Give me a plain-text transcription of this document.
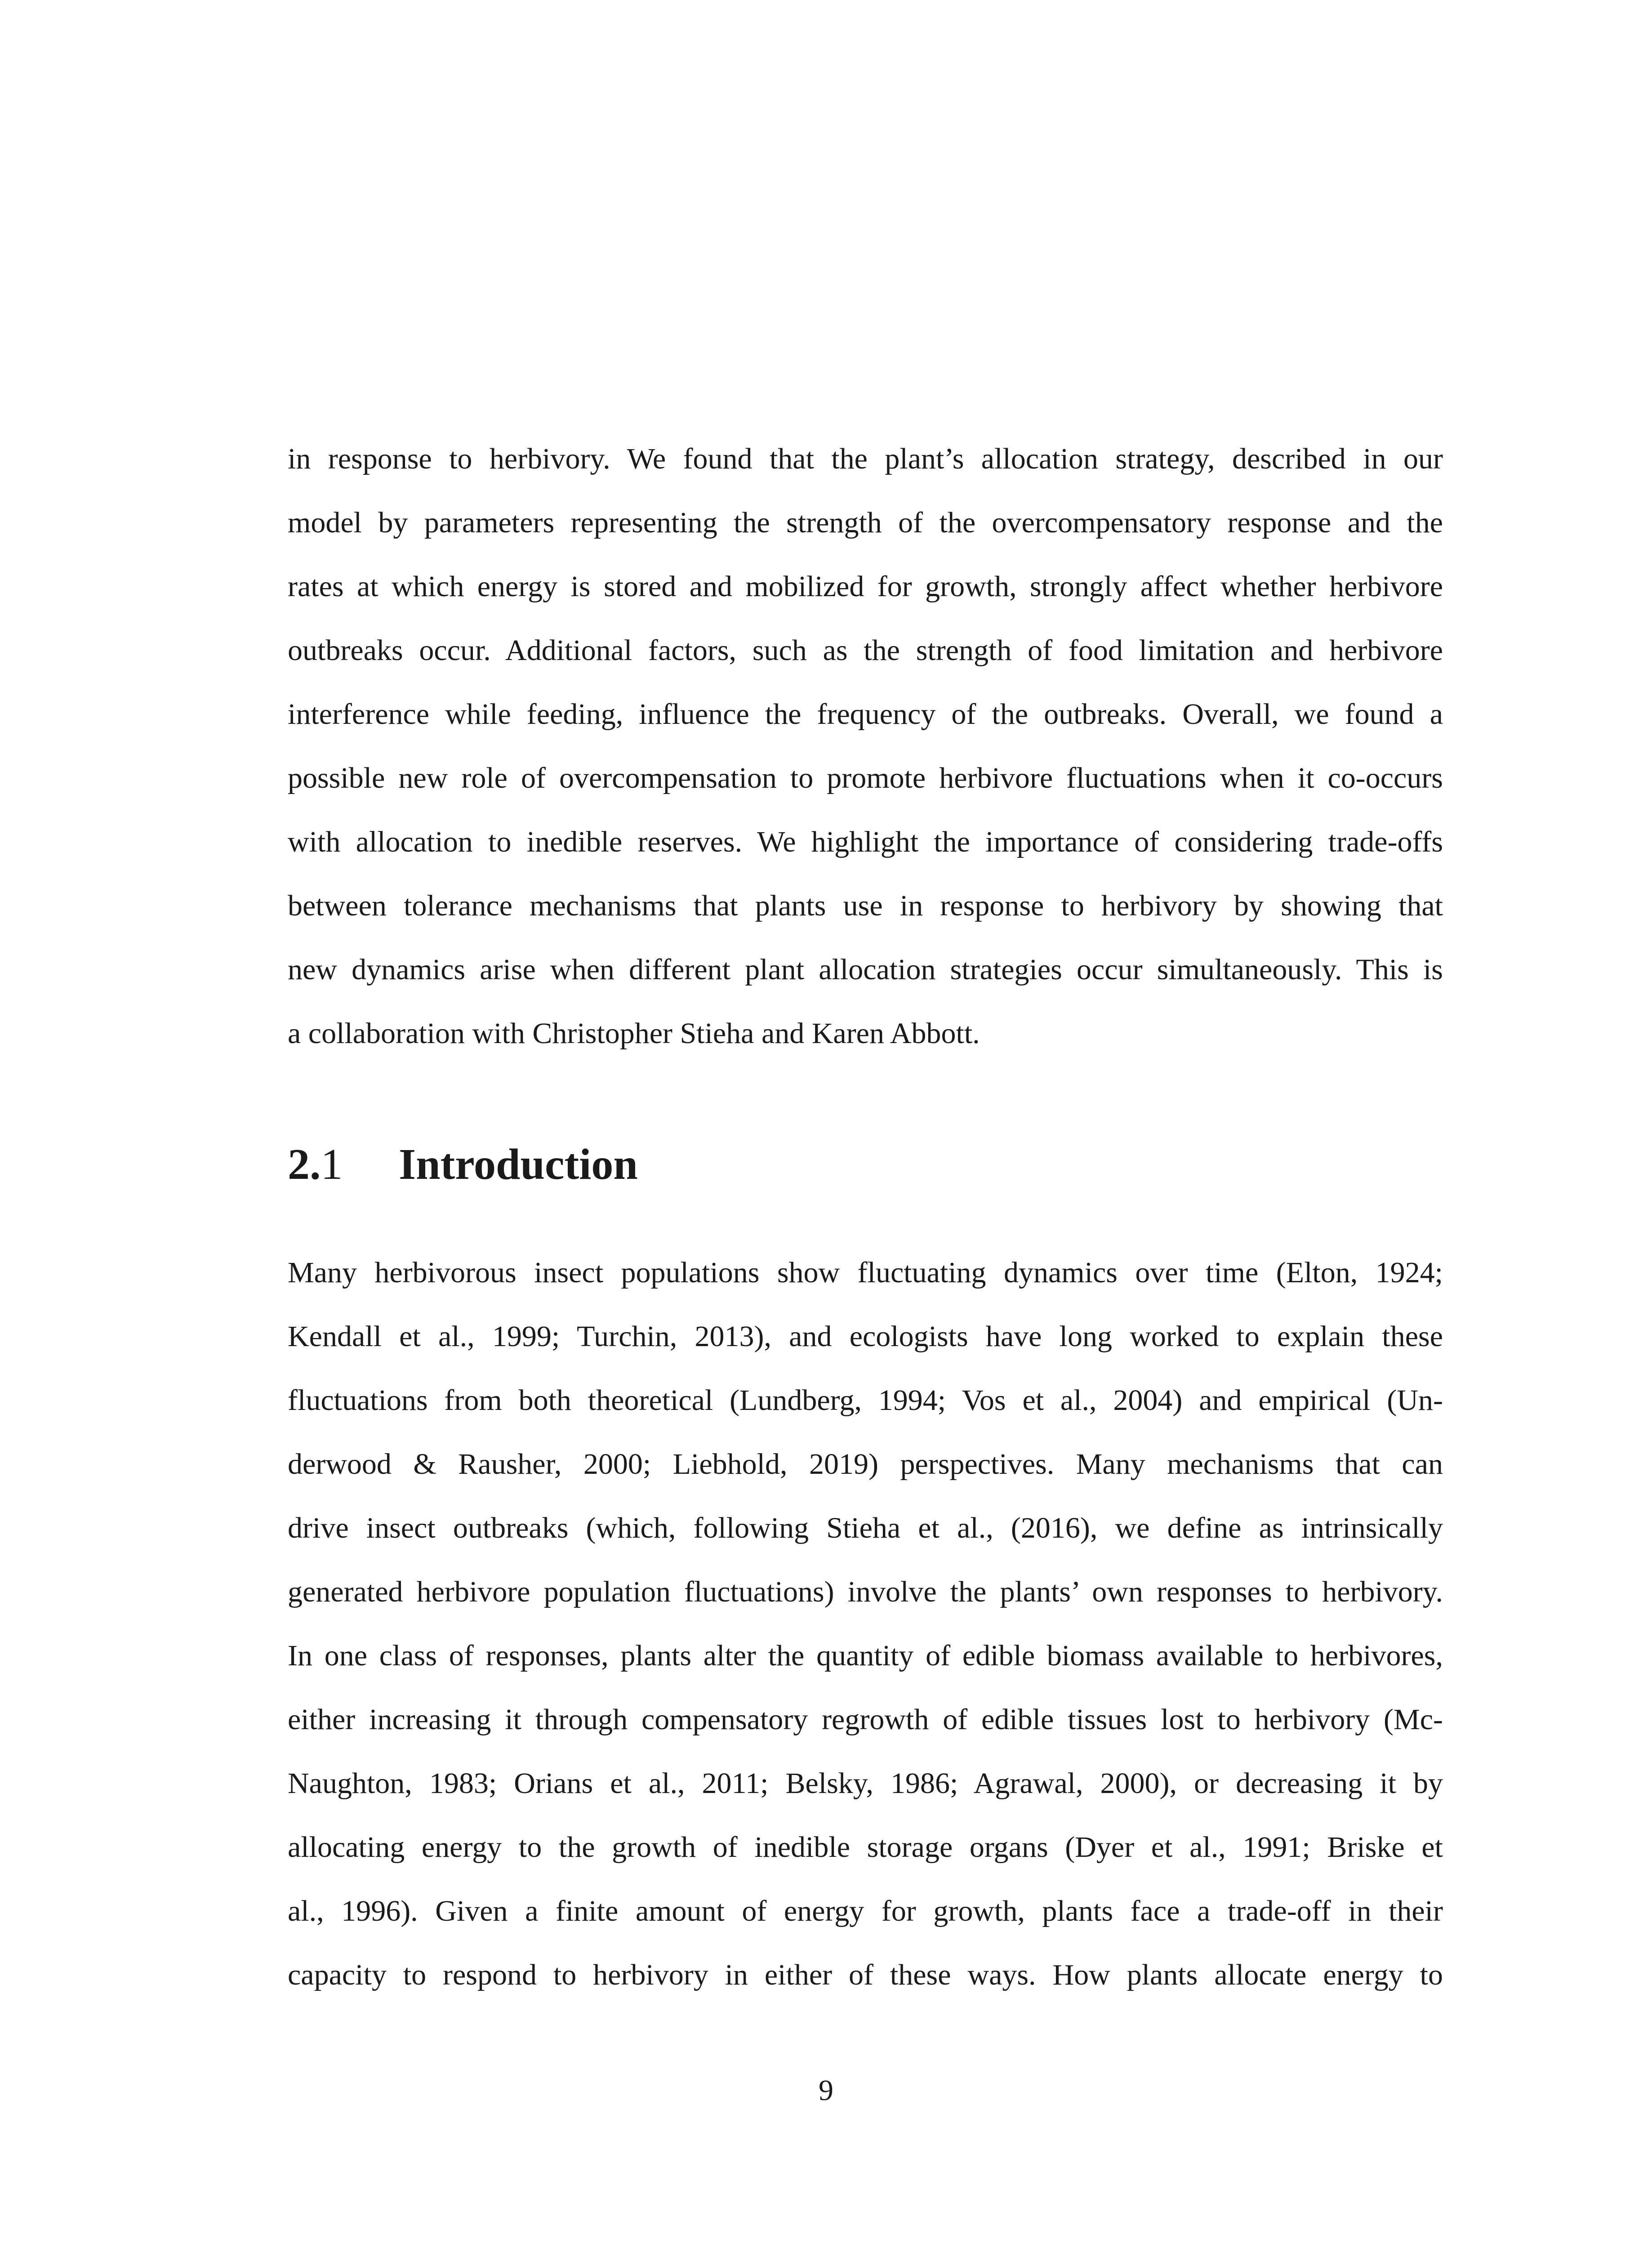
in response to herbivory. We found that the plant’s allocation strategy, described in our
model by parameters representing the strength of the overcompensatory response and the
rates at which energy is stored and mobilized for growth, strongly affect whether herbivore
outbreaks occur. Additional factors, such as the strength of food limitation and herbivore
interference while feeding, influence the frequency of the outbreaks. Overall, we found a
possible new role of overcompensation to promote herbivore fluctuations when it co-occurs
with allocation to inedible reserves. We highlight the importance of considering trade-offs
between tolerance mechanisms that plants use in response to herbivory by showing that
new dynamics arise when different plant allocation strategies occur simultaneously. This is
a collaboration with Christopher Stieha and Karen Abbott.
2.1 Introduction
Many herbivorous insect populations show fluctuating dynamics over time (Elton, 1924;
Kendall et al., 1999; Turchin, 2013), and ecologists have long worked to explain these
fluctuations from both theoretical (Lundberg, 1994; Vos et al., 2004) and empirical (Un-
derwood & Rausher, 2000; Liebhold, 2019) perspectives. Many mechanisms that can
drive insect outbreaks (which, following Stieha et al., (2016), we define as intrinsically
generated herbivore population fluctuations) involve the plants’ own responses to herbivory.
In one class of responses, plants alter the quantity of edible biomass available to herbivores,
either increasing it through compensatory regrowth of edible tissues lost to herbivory (Mc-
Naughton, 1983; Orians et al., 2011; Belsky, 1986; Agrawal, 2000), or decreasing it by
allocating energy to the growth of inedible storage organs (Dyer et al., 1991; Briske et
al., 1996). Given a finite amount of energy for growth, plants face a trade-off in their
capacity to respond to herbivory in either of these ways. How plants allocate energy to
9
